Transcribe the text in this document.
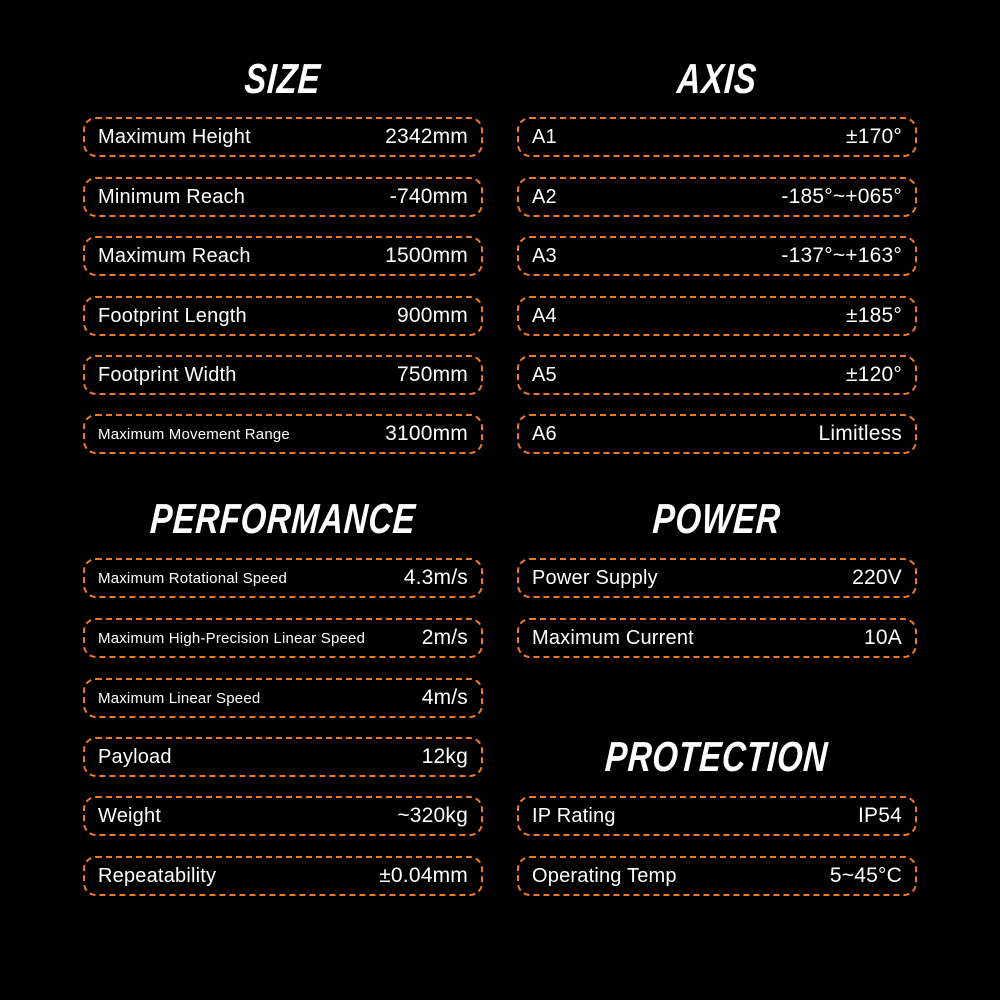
SIZE
Maximum Height	2342mm
Minimum Reach	-740mm
Maximum Reach	1500mm
Footprint Length	900mm
Footprint Width	750mm
Maximum Movement Range	3100mm
AXIS
A1	±170°
A2	-185°~+065°
A3	-137°~+163°
A4	±185°
A5	±120°
A6	Limitless
PERFORMANCE
Maximum Rotational Speed	4.3m/s
Maximum High-Precision Linear Speed	2m/s
Maximum Linear Speed	4m/s
Payload	12kg
Weight	~320kg
Repeatability	±0.04mm
POWER
Power Supply	220V
Maximum Current	10A
PROTECTION
IP Rating	IP54
Operating Temp	5~45°C
